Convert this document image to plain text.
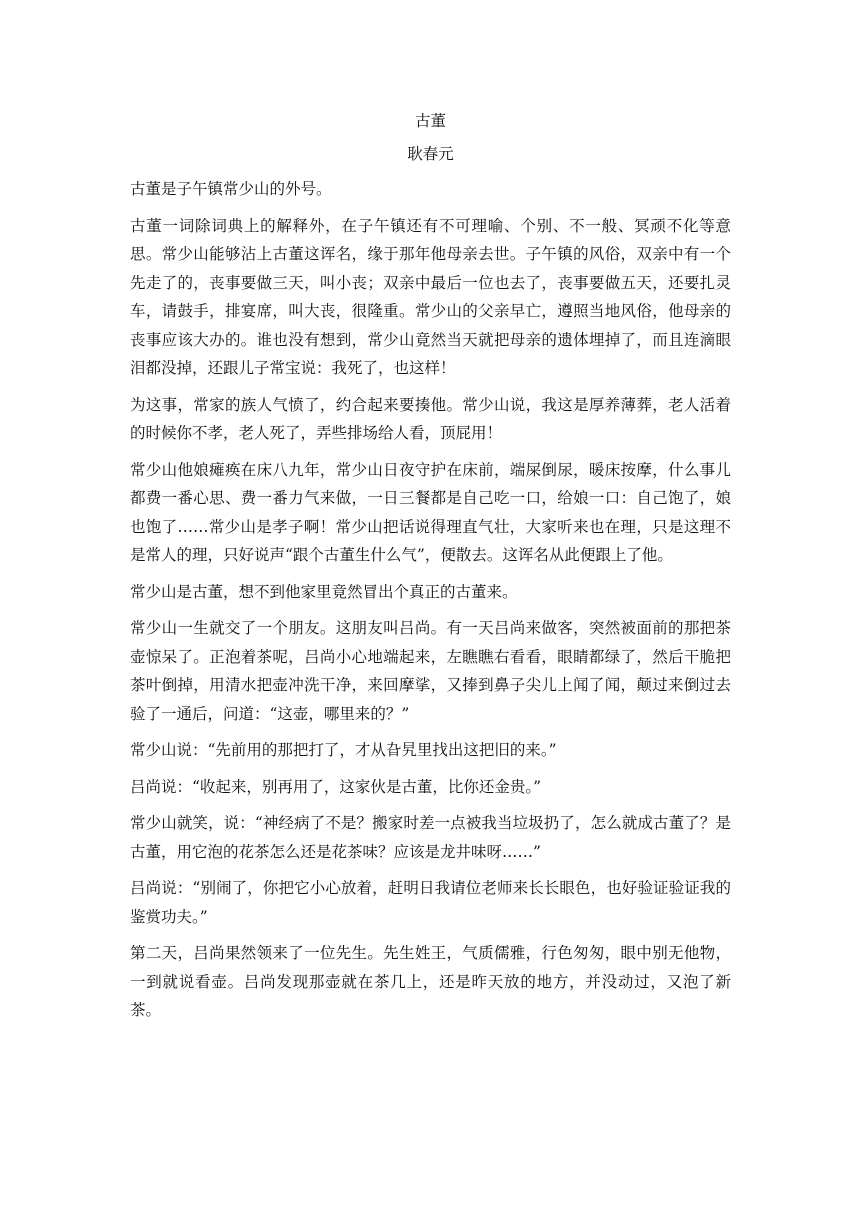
古董
耿春元

古董是子午镇常少山的外号。

古董一词除词典上的解释外，在子午镇还有不可理喻、个别、不一般、冥顽不化等意思。常少山能够沾上古董这诨名，缘于那年他母亲去世。子午镇的风俗，双亲中有一个先走了的，丧事要做三天，叫小丧；双亲中最后一位也去了，丧事要做五天，还要扎灵车，请鼓手，排宴席，叫大丧，很隆重。常少山的父亲早亡，遵照当地风俗，他母亲的丧事应该大办的。谁也没有想到，常少山竟然当天就把母亲的遗体埋掉了，而且连滴眼泪都没掉，还跟儿子常宝说：我死了，也这样！

为这事，常家的族人气愤了，约合起来要揍他。常少山说，我这是厚养薄葬，老人活着的时候你不孝，老人死了，弄些排场给人看，顶屁用！

常少山他娘瘫痪在床八九年，常少山日夜守护在床前，端屎倒尿，暖床按摩，什么事儿都费一番心思、费一番力气来做，一日三餐都是自己吃一口，给娘一口：自己饱了，娘也饱了……常少山是孝子啊！常少山把话说得理直气壮，大家听来也在理，只是这理不是常人的理，只好说声“跟个古董生什么气”，便散去。这诨名从此便跟上了他。

常少山是古董，想不到他家里竟然冒出个真正的古董来。

常少山一生就交了一个朋友。这朋友叫吕尚。有一天吕尚来做客，突然被面前的那把茶壶惊呆了。正泡着茶呢，吕尚小心地端起来，左瞧瞧右看看，眼睛都绿了，然后干脆把茶叶倒掉，用清水把壶冲洗干净，来回摩挲，又捧到鼻子尖儿上闻了闻，颠过来倒过去验了一通后，问道：“这壶，哪里来的？”

常少山说：“先前用的那把打了，才从旮旯里找出这把旧的来。”

吕尚说：“收起来，别再用了，这家伙是古董，比你还金贵。”

常少山就笑，说：“神经病了不是？搬家时差一点被我当垃圾扔了，怎么就成古董了？是古董，用它泡的花茶怎么还是花茶味？应该是龙井味呀……”

吕尚说：“别闹了，你把它小心放着，赶明日我请位老师来长长眼色，也好验证验证我的鉴赏功夫。”

第二天，吕尚果然领来了一位先生。先生姓王，气质儒雅，行色匆匆，眼中别无他物，一到就说看壶。吕尚发现那壶就在茶几上，还是昨天放的地方，并没动过，又泡了新茶。
